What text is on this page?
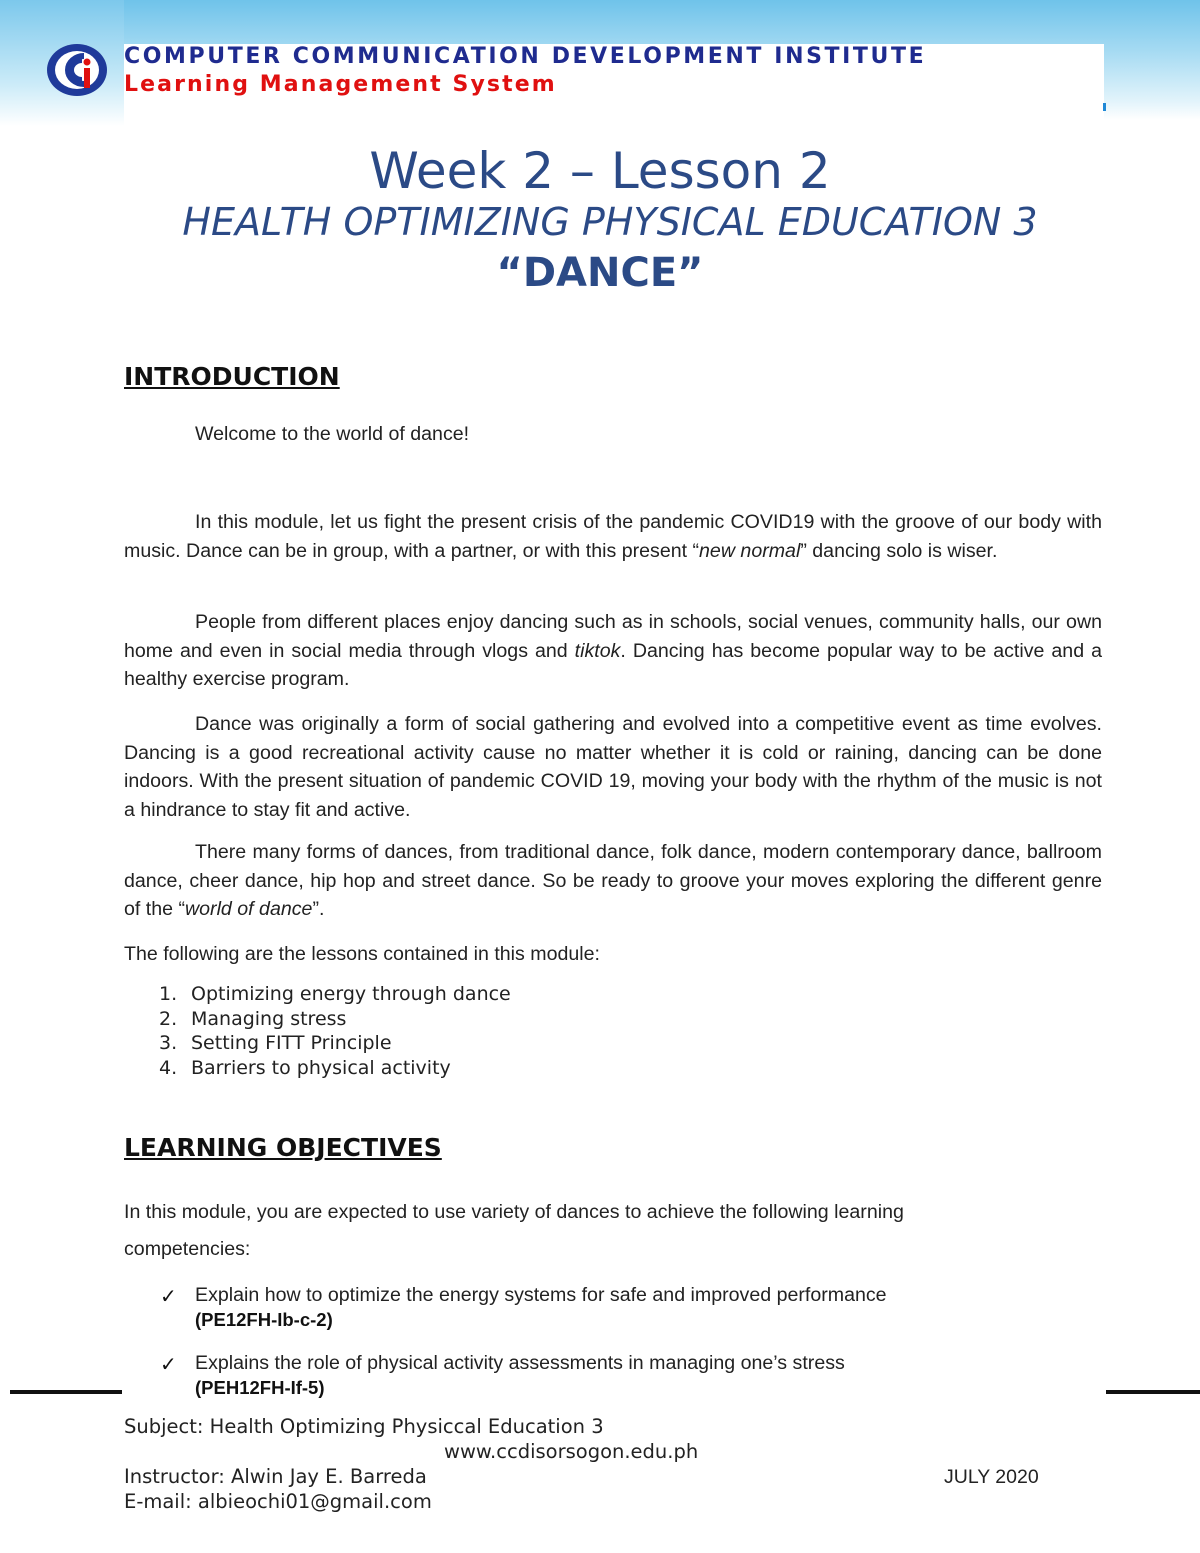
COMPUTER COMMUNICATION DEVELOPMENT INSTITUTE
Learning Management System
Week 2 – Lesson 2
HEALTH OPTIMIZING PHYSICAL EDUCATION 3
“DANCE”
INTRODUCTION
Welcome to the world of dance!
In this module, let us fight the present crisis of the pandemic COVID19 with the groove of our body with music. Dance can be in group, with a partner, or with this present “new normal” dancing solo is wiser.
People from different places enjoy dancing such as in schools, social venues, community halls, our own home and even in social media through vlogs and tiktok. Dancing has become popular way to be active and a healthy exercise program.
Dance was originally a form of social gathering and evolved into a competitive event as time evolves. Dancing is a good recreational activity cause no matter whether it is cold or raining, dancing can be done indoors. With the present situation of pandemic COVID 19, moving your body with the rhythm of the music is not a hindrance to stay fit and active.
There many forms of dances, from traditional dance, folk dance, modern contemporary dance, ballroom dance, cheer dance, hip hop and street dance. So be ready to groove your moves exploring the different genre of the “world of dance”.
The following are the lessons contained in this module:
1. Optimizing energy through dance
2. Managing stress
3. Setting FITT Principle
4. Barriers to physical activity
LEARNING OBJECTIVES
In this module, you are expected to use variety of dances to achieve the following learning competencies:
✓ Explain how to optimize the energy systems for safe and improved performance
(PE12FH-Ib-c-2)
✓ Explains the role of physical activity assessments in managing one’s stress
(PEH12FH-If-5)
Subject: Health Optimizing Physiccal Education 3
www.ccdisorsogon.edu.ph
Instructor: Alwin Jay E. Barreda	JULY 2020
E-mail: albieochi01@gmail.com
